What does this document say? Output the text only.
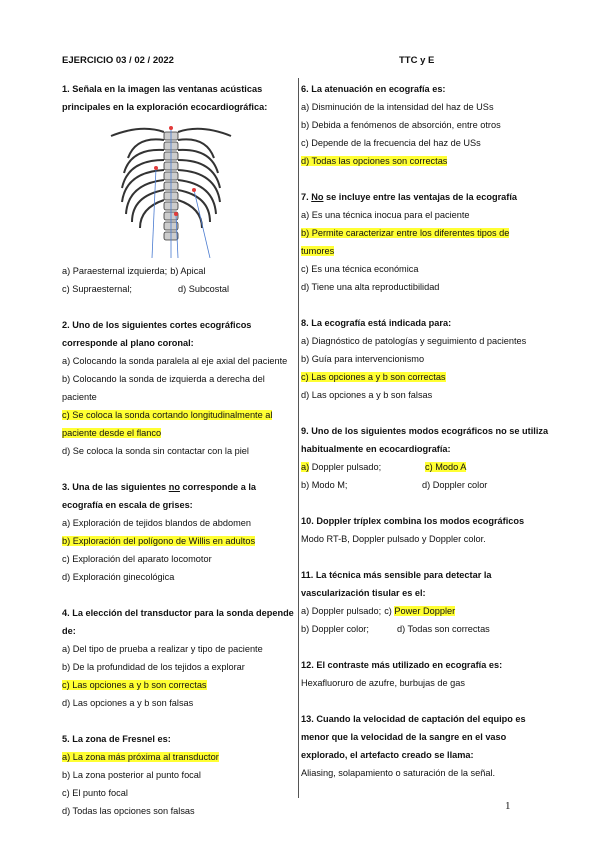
EJERCICIO 03 / 02 / 2022	TTC y E

1. Señala en la imagen las ventanas acústicas principales en la exploración ecocardiográfica:

a) Paraesternal izquierda; b) Apical
c) Supraesternal;	d) Subcostal

2. Uno de los siguientes cortes ecográficos corresponde al plano coronal:

a) Colocando la sonda paralela al eje axial del paciente

b) Colocando la sonda de izquierda a derecha del paciente

c) Se coloca la sonda cortando longitudinalmente al paciente desde el flanco

d) Se coloca la sonda sin contactar con la piel

3. Una de las siguientes no corresponde a la ecografía en escala de grises:

a) Exploración de tejidos blandos de abdomen

b) Exploración del polígono de Willis en adultos

c) Exploración del aparato locomotor

d) Exploración ginecológica

4. La elección del transductor para la sonda depende de:

a) Del tipo de prueba a realizar y tipo de paciente

b) De la profundidad de los tejidos a explorar

c) Las opciones a y b son correctas

d) Las opciones a y b son falsas

5. La zona de Fresnel es:

a) La zona más próxima al transductor

b) La zona posterior al punto focal

c) El punto focal

d) Todas las opciones son falsas

6. La atenuación en ecografía es:

a) Disminución de la intensidad del haz de USs

b) Debida a fenómenos de absorción, entre otros

c) Depende de la frecuencia del haz de USs

d) Todas las opciones son correctas

7. No se incluye entre las ventajas de la ecografía

a) Es una técnica inocua para el paciente

b) Permite caracterizar entre los diferentes tipos de

tumores

c) Es una técnica económica

d) Tiene una alta reproductibilidad

8. La ecografía está indicada para:

a) Diagnóstico de patologías y seguimiento d pacientes

b) Guía para intervencionismo

c) Las opciones a y b son correctas

d) Las opciones a y b son falsas

9. Uno de los siguientes modos ecográficos no se utiliza habitualmente en ecocardiografía:

a) Doppler pulsado;	c) Modo A
b) Modo M;	d) Doppler color

10. Doppler tríplex combina los modos ecográficos

Modo RT-B, Doppler pulsado y Doppler color.

11. La técnica más sensible para detectar la vascularización tisular es el:

a) Doppler pulsado; c) Power Doppler
b) Doppler color;	d) Todas son correctas

12. El contraste más utilizado en ecografía es:

Hexafluoruro de azufre, burbujas de gas

13. Cuando la velocidad de captación del equipo es menor que la velocidad de la sangre en el vaso explorado, el artefacto creado se llama:

Aliasing, solapamiento o saturación de la señal.

1
